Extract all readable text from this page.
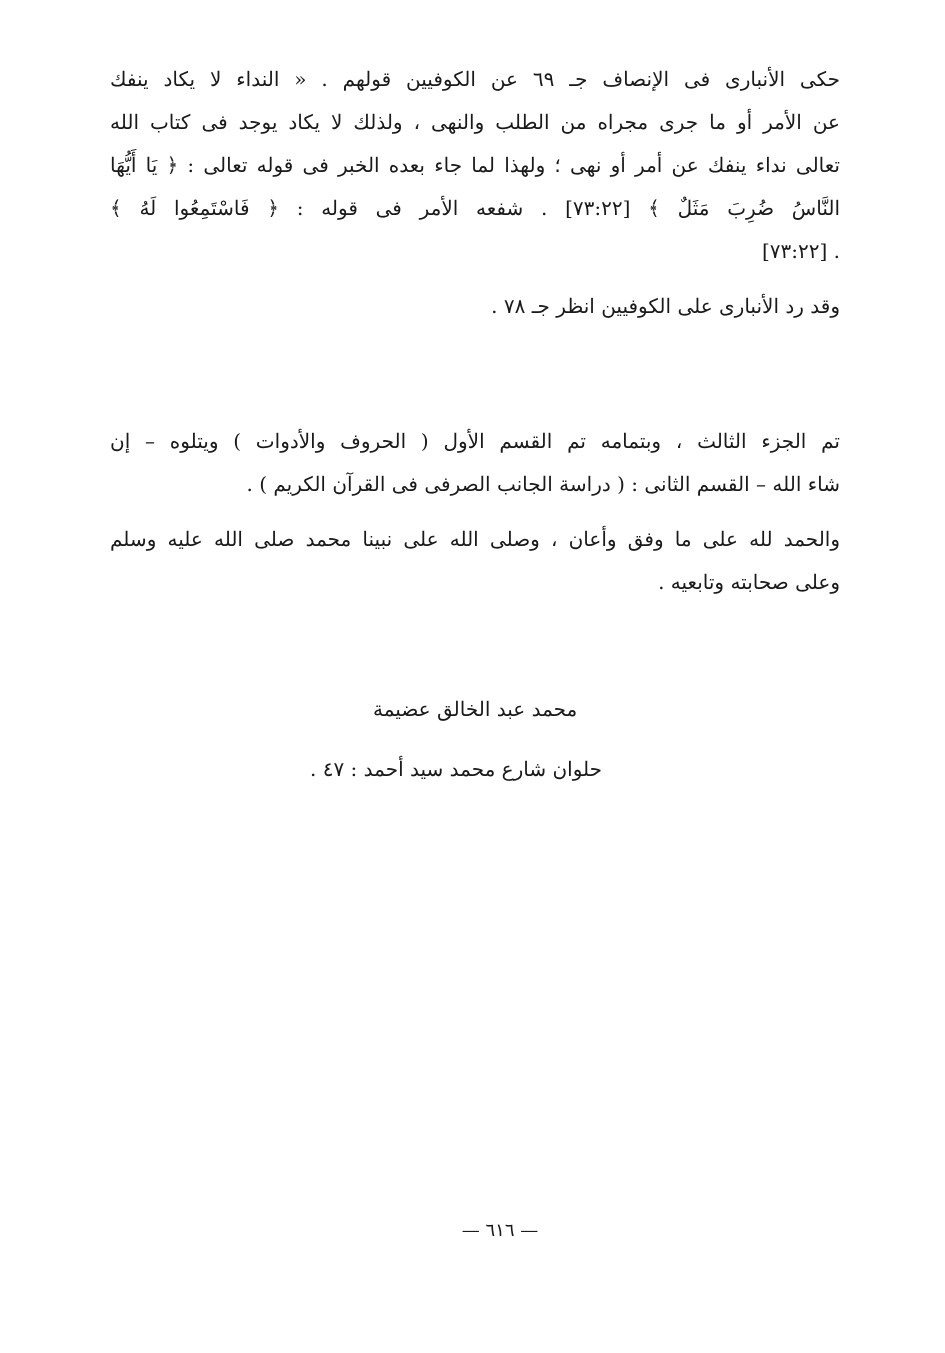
حكى الأنبارى فى الإنصاف جـ ٦٩ عن الكوفيين قولهم . « النداء لا يكاد ينفك
عن الأمر أو ما جرى مجراه من الطلب والنهى ، ولذلك لا يكاد يوجد فى كتاب الله
تعالى نداء ينفك عن أمر أو نهى ؛ ولهذا لما جاء بعده الخبر فى قوله تعالى : ﴿ يَا أَيُّهَا
النَّاسُ ضُرِبَ مَثَلٌ ﴾ [٧٣:٢٢] . شفعه الأمر فى قوله : ﴿ فَاسْتَمِعُوا لَهُ ﴾
. [٧٣:٢٢]
وقد رد الأنبارى على الكوفيين انظر جـ ٧٨ .
تم الجزء الثالث ، وبتمامه تم القسم الأول ( الحروف والأدوات ) ويتلوه – إن
شاء الله – القسم الثانى : ( دراسة الجانب الصرفى فى القرآن الكريم ) .
والحمد لله على ما وفق وأعان ، وصلى الله على نبينا محمد صلى الله عليه وسلم
وعلى صحابته وتابعيه .
محمد عبد الخالق عضيمة
حلوان شارع محمد سيد أحمد : ٤٧ .
— ٦١٦ —
